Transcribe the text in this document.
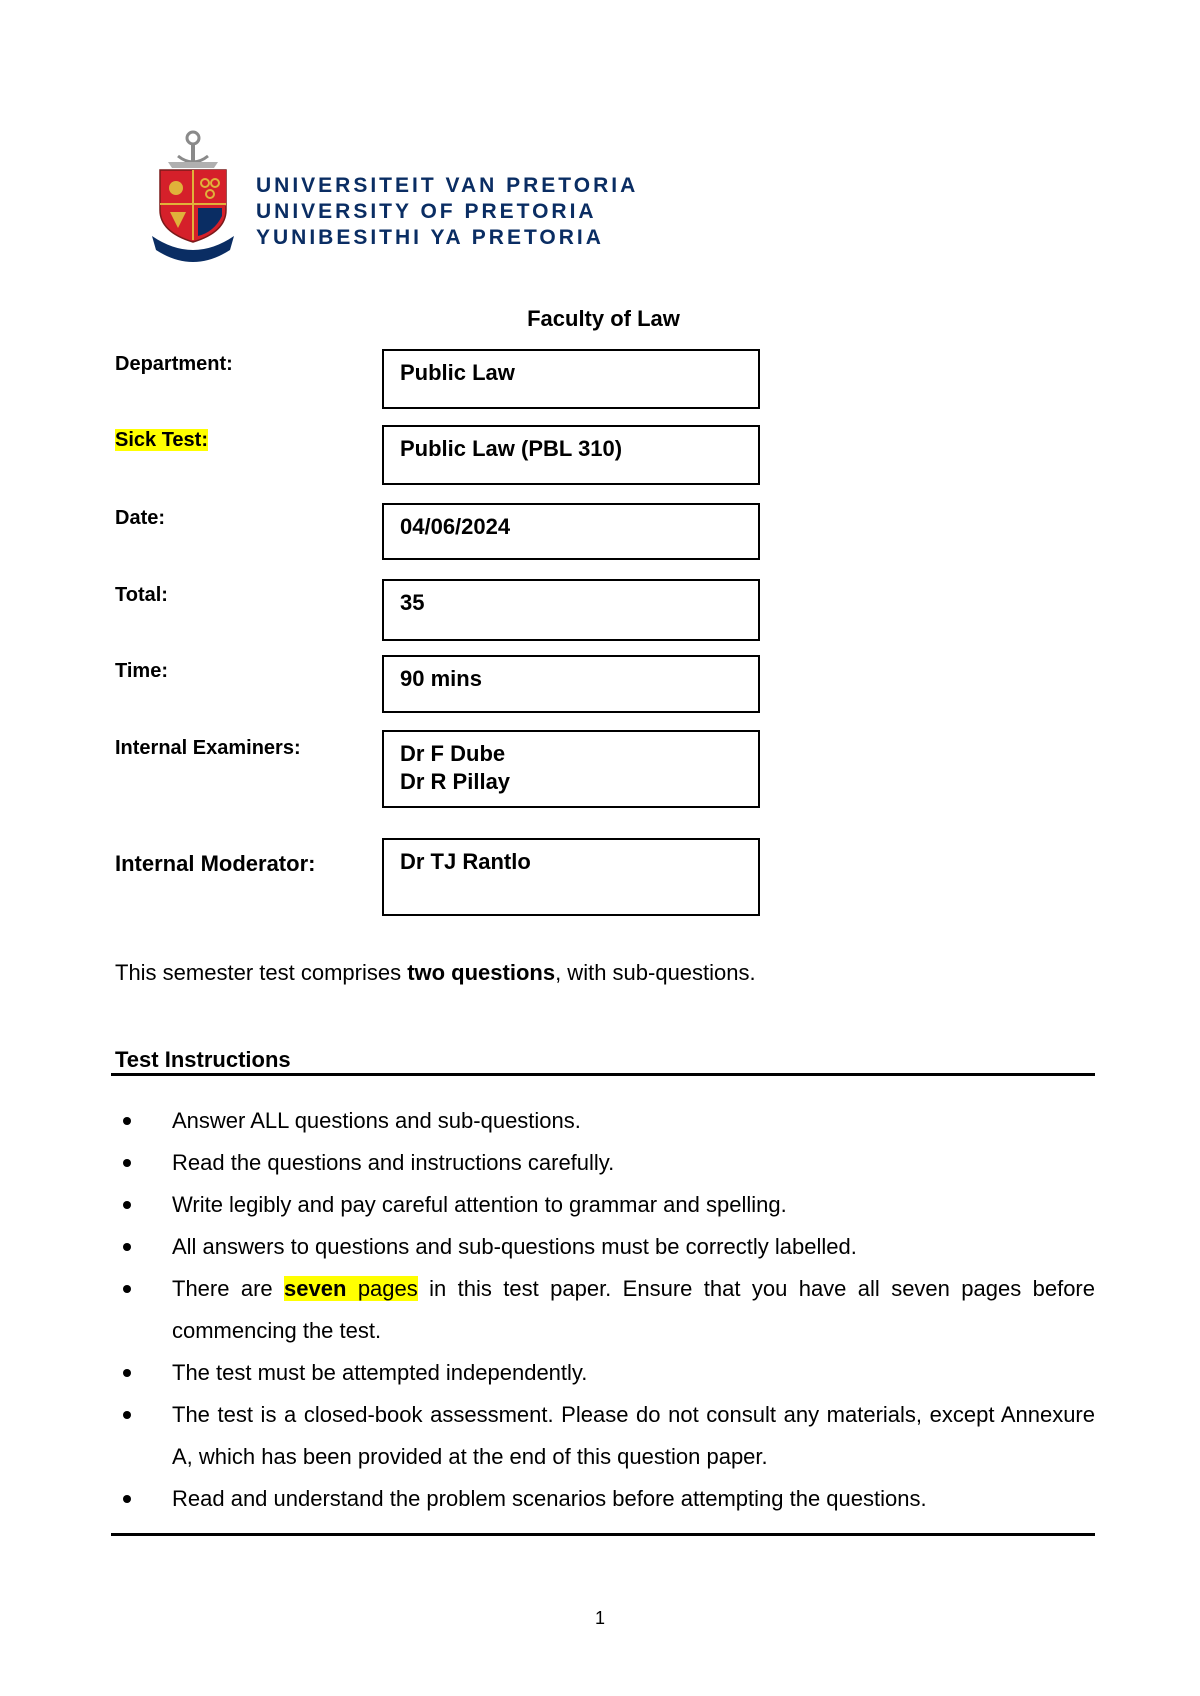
UNIVERSITEIT VAN PRETORIA
UNIVERSITY OF PRETORIA
YUNIBESITHI YA PRETORIA
Faculty of Law
Department:	Public Law
Sick Test:	Public Law (PBL 310)
Date:	04/06/2024
Total:	35
Time:	90 mins
Internal Examiners:	Dr F Dube
Dr R Pillay
Internal Moderator:	Dr TJ Rantlo
This semester test comprises two questions, with sub-questions.
Test Instructions
Answer ALL questions and sub-questions.
Read the questions and instructions carefully.
Write legibly and pay careful attention to grammar and spelling.
All answers to questions and sub-questions must be correctly labelled.
There are seven pages in this test paper. Ensure that you have all seven pages before commencing the test.
The test must be attempted independently.
The test is a closed-book assessment. Please do not consult any materials, except Annexure A, which has been provided at the end of this question paper.
Read and understand the problem scenarios before attempting the questions.
1
